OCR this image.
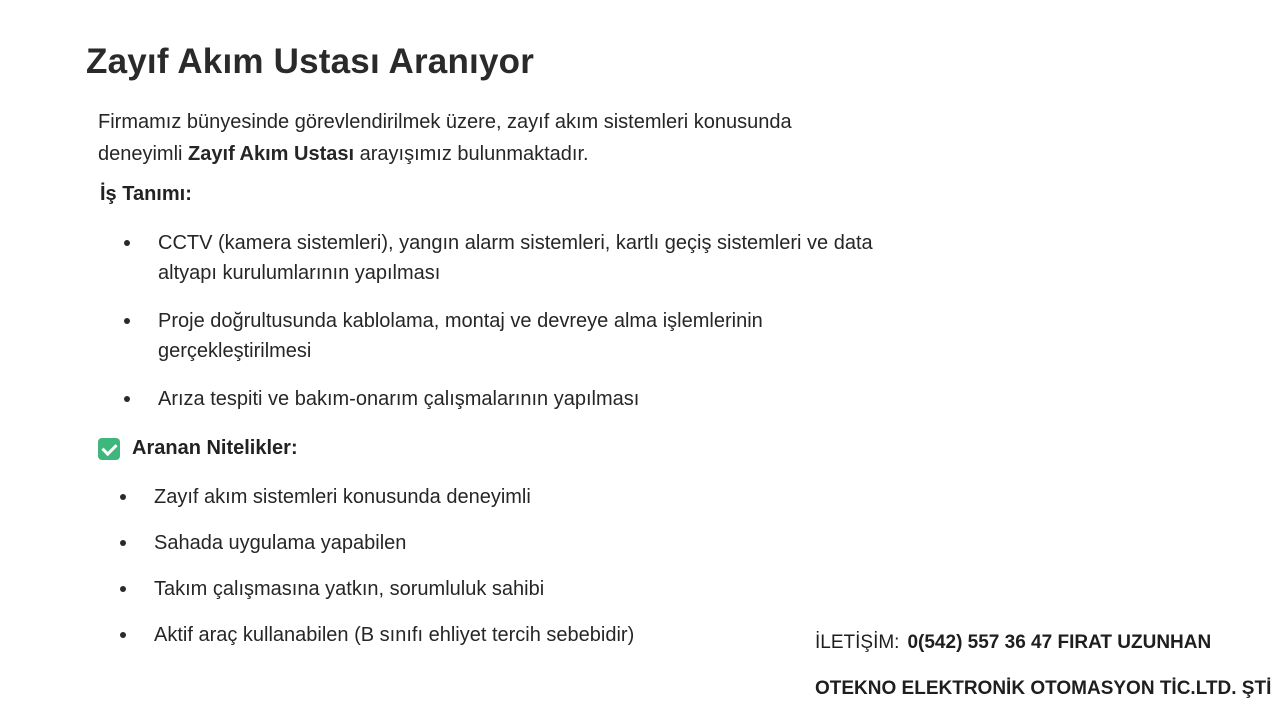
Zayıf Akım Ustası Aranıyor
Firmamız bünyesinde görevlendirilmek üzere, zayıf akım sistemleri konusunda
deneyimli Zayıf Akım Ustası arayışımız bulunmaktadır.
İş Tanımı:
CCTV (kamera sistemleri), yangın alarm sistemleri, kartlı geçiş sistemleri ve data altyapı kurulumlarının yapılması
Proje doğrultusunda kablolama, montaj ve devreye alma işlemlerinin gerçekleştirilmesi
Arıza tespiti ve bakım-onarım çalışmalarının yapılması
Aranan Nitelikler:
Zayıf akım sistemleri konusunda deneyimli
Sahada uygulama yapabilen
Takım çalışmasına yatkın, sorumluluk sahibi
Aktif araç kullanabilen (B sınıfı ehliyet tercih sebebidir)	İLETİŞİM: 0(542) 557 36 47 FIRAT UZUNHAN
OTEKNO ELEKTRONİK OTOMASYON TİC.LTD. ŞTİ
